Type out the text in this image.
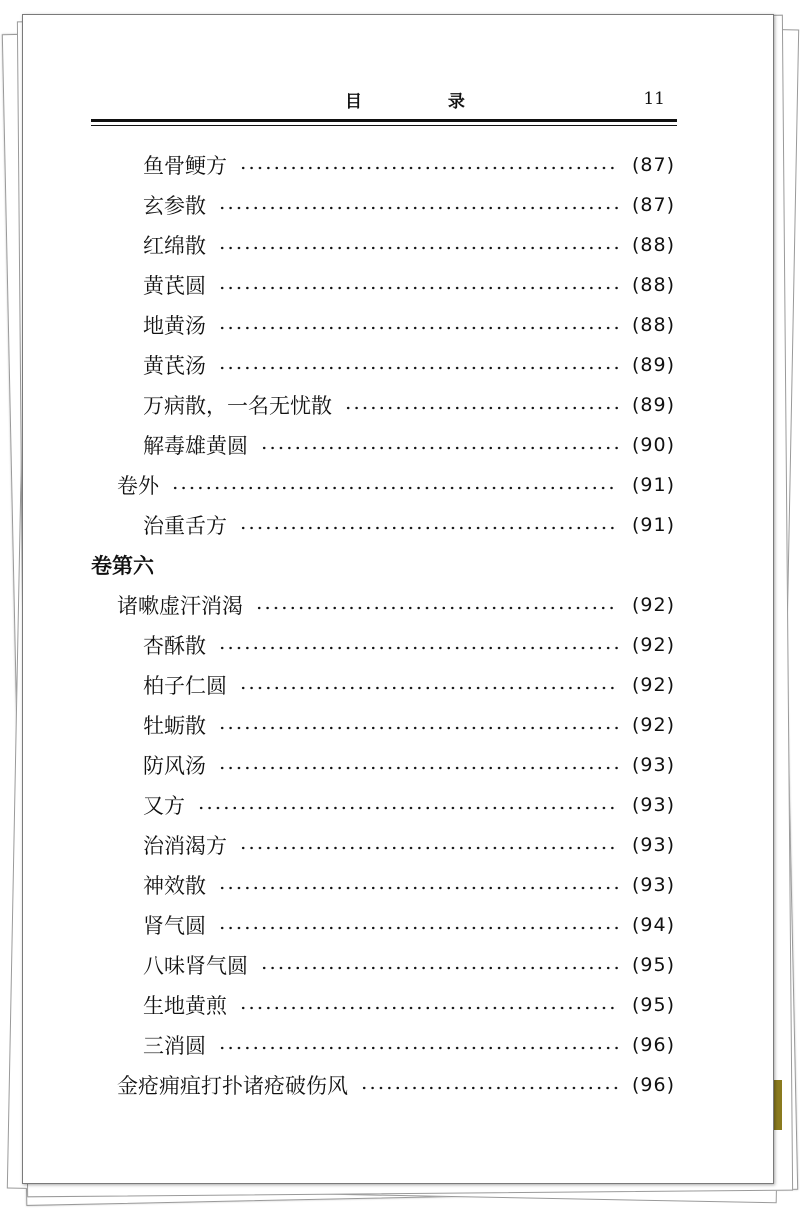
目 录	11
鱼骨鲠方	(87)
玄参散	(87)
红绵散	(88)
黄芪圆	(88)
地黄汤	(88)
黄芪汤	(89)
万病散，一名无忧散	(89)
解毒雄黄圆	(90)
卷外	(91)
治重舌方	(91)
卷第六
诸嗽虚汗消渴	(92)
杏酥散	(92)
柏子仁圆	(92)
牡蛎散	(92)
防风汤	(93)
又方	(93)
治消渴方	(93)
神效散	(93)
肾气圆	(94)
八味肾气圆	(95)
生地黄煎	(95)
三消圆	(96)
金疮痈疽打扑诸疮破伤风	(96)
